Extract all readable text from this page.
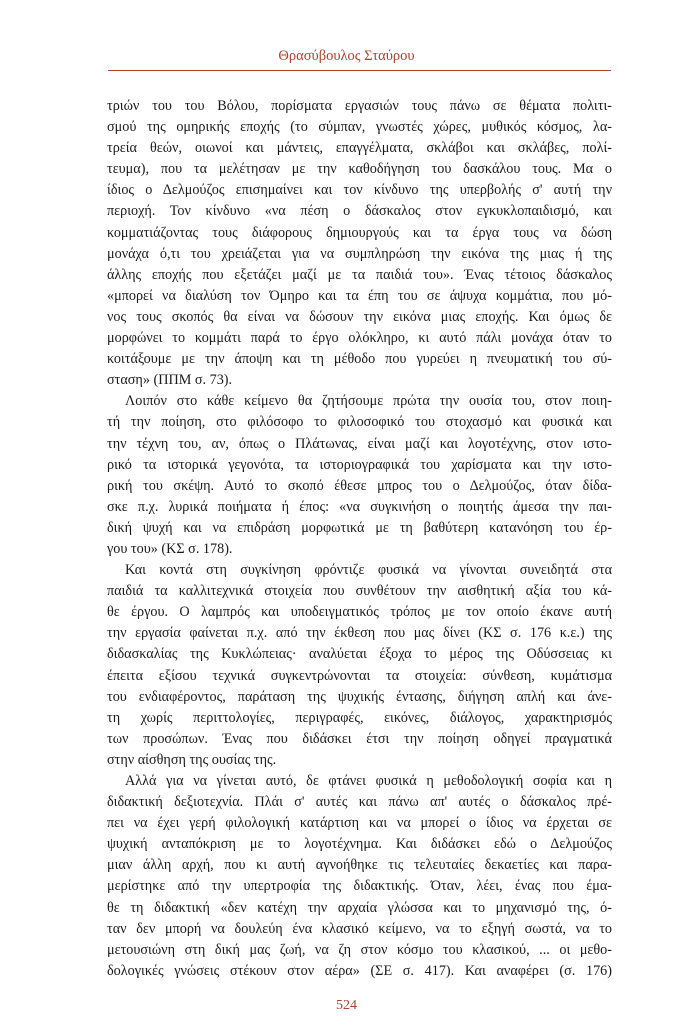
Θρασύβουλος Σταύρου
τριών του του Βόλου, πορίσματα εργασιών τους πάνω σε θέματα πολιτι-
σμού της ομηρικής εποχής (το σύμπαν, γνωστές χώρες, μυθικός κόσμος, λα-
τρεία θεών, οιωνοί και μάντεις, επαγγέλματα, σκλάβοι και σκλάβες, πολί-
τευμα), που τα μελέτησαν με την καθοδήγηση του δασκάλου τους. Μα ο
ίδιος ο Δελμούζος επισημαίνει και τον κίνδυνο της υπερβολής σ' αυτή την
περιοχή. Τον κίνδυνο «να πέση ο δάσκαλος στον εγκυκλοπαιδισμό, και
κομματιάζοντας τους διάφορους δημιουργούς και τα έργα τους να δώση
μονάχα ό,τι του χρειάζεται για να συμπληρώση την εικόνα της μιας ή της
άλλης εποχής που εξετάζει μαζί με τα παιδιά του». Ένας τέτοιος δάσκαλος
«μπορεί να διαλύση τον Όμηρο και τα έπη του σε άψυχα κομμάτια, που μό-
νος τους σκοπός θα είναι να δώσουν την εικόνα μιας εποχής. Και όμως δε
μορφώνει το κομμάτι παρά το έργο ολόκληρο, κι αυτό πάλι μονάχα όταν το
κοιτάξουμε με την άποψη και τη μέθοδο που γυρεύει η πνευματική του σύ-
σταση» (ΠΠΜ σ. 73).
Λοιπόν στο κάθε κείμενο θα ζητήσουμε πρώτα την ουσία του, στον ποιη-
τή την ποίηση, στο φιλόσοφο το φιλοσοφικό του στοχασμό και φυσικά και
την τέχνη του, αν, όπως ο Πλάτωνας, είναι μαζί και λογοτέχνης, στον ιστο-
ρικό τα ιστορικά γεγονότα, τα ιστοριογραφικά του χαρίσματα και την ιστο-
ρική του σκέψη. Αυτό το σκοπό έθεσε μπρος του ο Δελμούζος, όταν δίδα-
σκε π.χ. λυρικά ποιήματα ή έπος: «να συγκινήση ο ποιητής άμεσα την παι-
δική ψυχή και να επιδράση μορφωτικά με τη βαθύτερη κατανόηση του έρ-
γου του» (ΚΣ σ. 178).
Και κοντά στη συγκίνηση φρόντιζε φυσικά να γίνονται συνειδητά στα
παιδιά τα καλλιτεχνικά στοιχεία που συνθέτουν την αισθητική αξία του κά-
θε έργου. Ο λαμπρός και υποδειγματικός τρόπος με τον οποίο έκανε αυτή
την εργασία φαίνεται π.χ. από την έκθεση που μας δίνει (ΚΣ σ. 176 κ.ε.) της
διδασκαλίας της Κυκλώπειας· αναλύεται έξοχα το μέρος της Οδύσσειας κι
έπειτα εξίσου τεχνικά συγκεντρώνονται τα στοιχεία: σύνθεση, κυμάτισμα
του ενδιαφέροντος, παράταση της ψυχικής έντασης, διήγηση απλή και άνε-
τη χωρίς περιττολογίες, περιγραφές, εικόνες, διάλογος, χαρακτηρισμός
των προσώπων. Ένας που διδάσκει έτσι την ποίηση οδηγεί πραγματικά
στην αίσθηση της ουσίας της.
Αλλά για να γίνεται αυτό, δε φτάνει φυσικά η μεθοδολογική σοφία και η
διδακτική δεξιοτεχνία. Πλάι σ' αυτές και πάνω απ' αυτές ο δάσκαλος πρέ-
πει να έχει γερή φιλολογική κατάρτιση και να μπορεί ο ίδιος να έρχεται σε
ψυχική ανταπόκριση με το λογοτέχνημα. Και διδάσκει εδώ ο Δελμούζος
μιαν άλλη αρχή, που κι αυτή αγνοήθηκε τις τελευταίες δεκαετίες και παρα-
μερίστηκε από την υπερτροφία της διδακτικής. Όταν, λέει, ένας που έμα-
θε τη διδακτική «δεν κατέχη την αρχαία γλώσσα και το μηχανισμό της, ό-
ταν δεν μπορή να δουλεύη ένα κλασικό κείμενο, να το εξηγή σωστά, να το
μετουσιώνη στη δική μας ζωή, να ζη στον κόσμο του κλασικού, ... οι μεθο-
δολογικές γνώσεις στέκουν στον αέρα» (ΣΕ σ. 417). Και αναφέρει (σ. 176)
524
